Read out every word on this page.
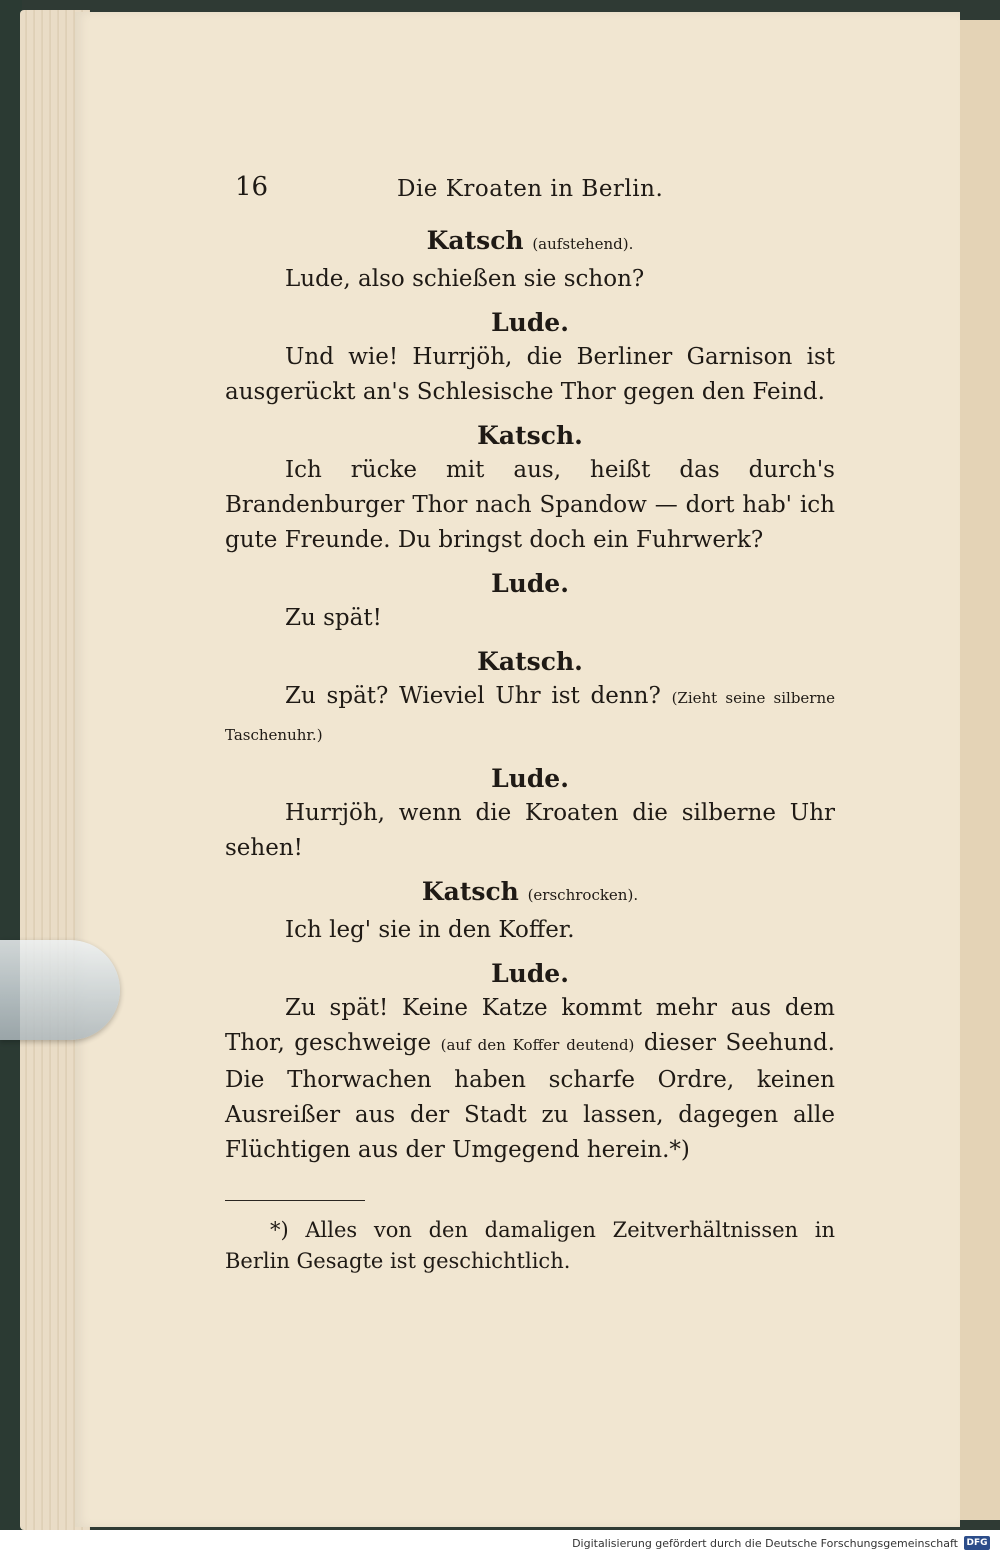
16	Die Kroaten in Berlin.
Katsch (aufstehend).
Lude, also schießen sie schon?
Lude.
Und wie! Hurrjöh, die Berliner Garnison ist ausgerückt an's Schlesische Thor gegen den Feind.
Katsch.
Ich rücke mit aus, heißt das durch's Brandenburger Thor nach Spandow — dort hab' ich gute Freunde. Du bringst doch ein Fuhrwerk?
Lude.
Zu spät!
Katsch.
Zu spät? Wieviel Uhr ist denn? (Zieht seine silberne Taschenuhr.)
Lude.
Hurrjöh, wenn die Kroaten die silberne Uhr sehen!
Katsch (erschrocken).
Ich leg' sie in den Koffer.
Lude.
Zu spät! Keine Katze kommt mehr aus dem Thor, geschweige (auf den Koffer deutend) dieser Seehund. Die Thorwachen haben scharfe Ordre, keinen Ausreißer aus der Stadt zu lassen, dagegen alle Flüchtigen aus der Umgegend herein.*)
*) Alles von den damaligen Zeitverhältnissen in Berlin Gesagte ist geschichtlich.
Digitalisierung gefördert durch die Deutsche Forschungsgemeinschaft DFG
